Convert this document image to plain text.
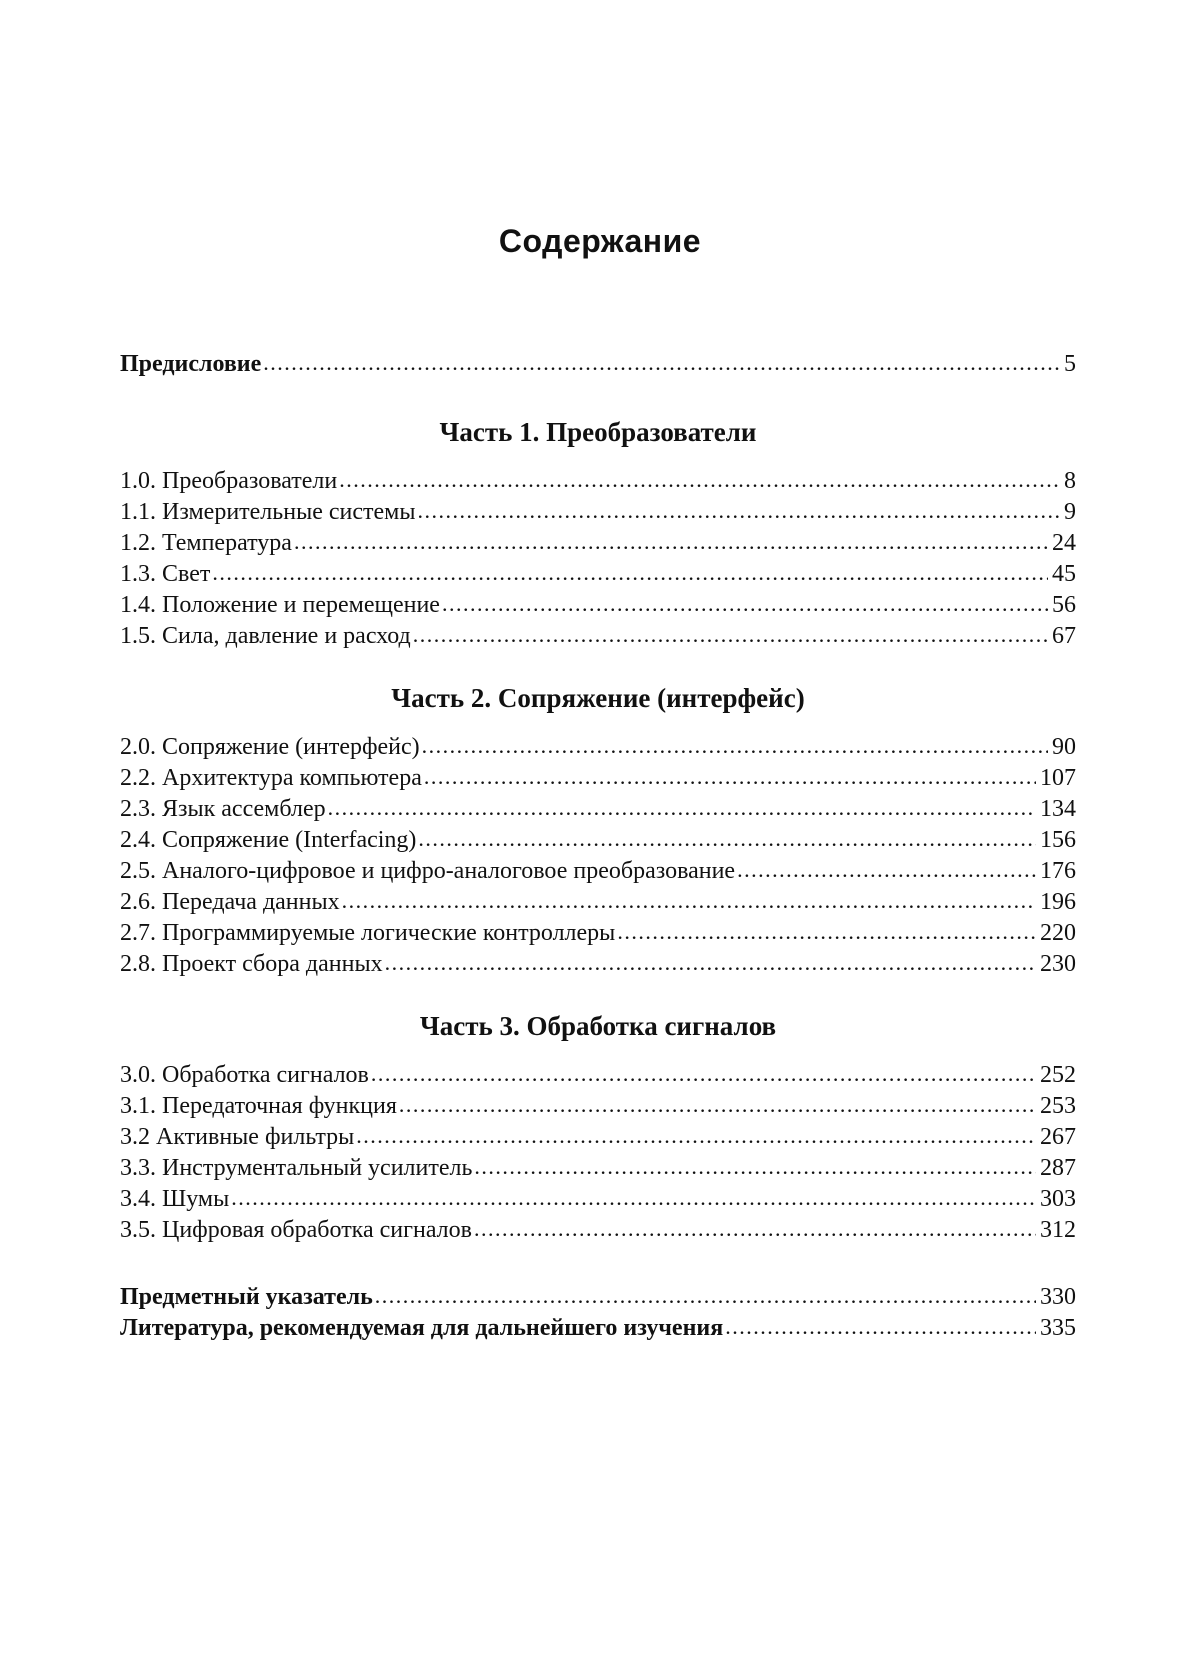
Содержание
Предисловие . . .	5
Часть 1. Преобразователи
1.0. Преобразователи . . .	8
1.1. Измерительные системы . . .	9
1.2. Температура . . .	24
1.3. Свет . . .	45
1.4. Положение и перемещение . . .	56
1.5. Сила, давление и расход . . .	67
Часть 2. Сопряжение (интерфейс)
2.0. Сопряжение (интерфейс) . . .	90
2.2. Архитектура компьютера . . .	107
2.3. Язык ассемблер . . .	134
2.4. Сопряжение (Interfacing) . . .	156
2.5. Аналого-цифровое и цифро-аналоговое преобразование . . .	176
2.6. Передача данных . . .	196
2.7. Программируемые логические контроллеры . . .	220
2.8. Проект сбора данных . . .	230
Часть 3. Обработка сигналов
3.0. Обработка сигналов . . .	252
3.1. Передаточная функция . . .	253
3.2 Активные фильтры . . .	267
3.3. Инструментальный усилитель . . .	287
3.4. Шумы . . .	303
3.5. Цифровая обработка сигналов . . .	312
Предметный указатель . . .	330
Литература, рекомендуемая для дальнейшего изучения . . .	335
